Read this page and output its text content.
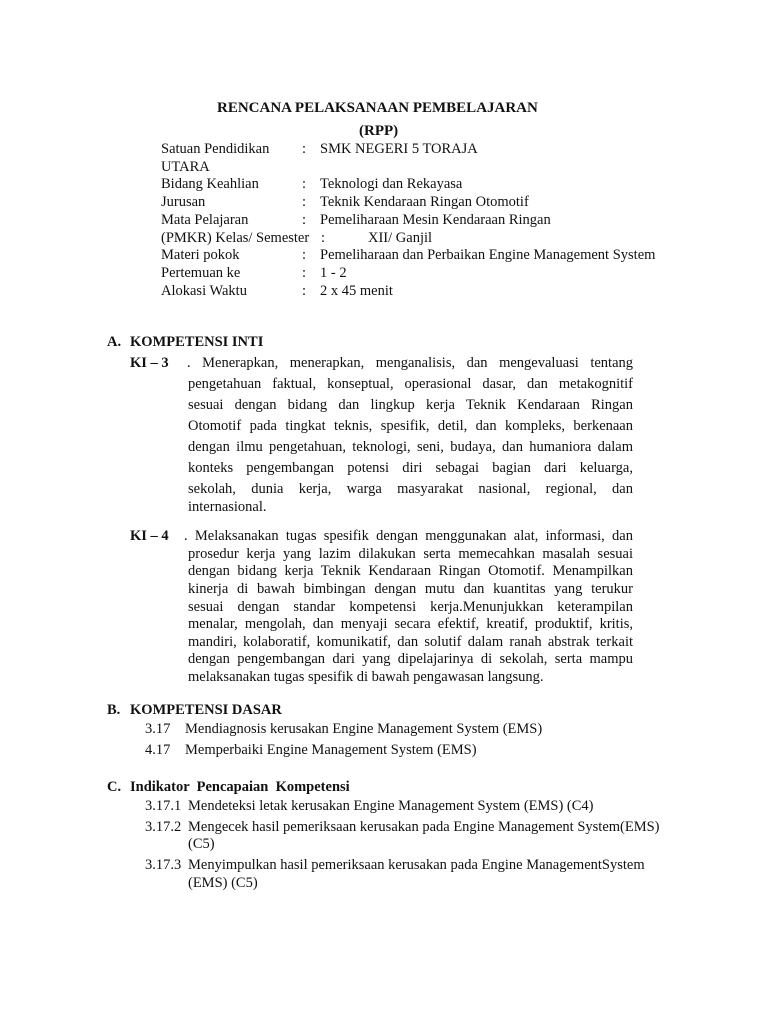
RENCANA PELAKSANAAN PEMBELAJARAN
(RPP)
Satuan Pendidikan : SMK NEGERI 5 TORAJA
UTARA
Bidang Keahlian	: Teknologi dan Rekayasa
Jurusan	: Teknik Kendaraan Ringan Otomotif
Mata Pelajaran	: Pemeliharaan Mesin Kendaraan Ringan
(PMKR) Kelas/ Semester :	XII/ Ganjil
Materi pokok	: Pemeliharaan dan Perbaikan Engine Management System
Pertemuan ke	: 1 - 2
Alokasi Waktu	: 2 x 45 menit
A. KOMPETENSI INTI
KI – 3 . Menerapkan, menerapkan, menganalisis, dan mengevaluasi tentang
pengetahuan faktual, konseptual, operasional dasar, dan metakognitif
sesuai dengan bidang dan lingkup kerja Teknik Kendaraan Ringan
Otomotif pada tingkat teknis, spesifik, detil, dan kompleks, berkenaan
dengan ilmu pengetahuan, teknologi, seni, budaya, dan humaniora dalam
konteks pengembangan potensi diri sebagai bagian dari keluarga,
sekolah, dunia kerja, warga masyarakat nasional, regional, dan
internasional.
KI – 4 . Melaksanakan tugas spesifik dengan menggunakan alat, informasi, dan
prosedur kerja yang lazim dilakukan serta memecahkan masalah sesuai
dengan bidang kerja Teknik Kendaraan Ringan Otomotif. Menampilkan
kinerja di bawah bimbingan dengan mutu dan kuantitas yang terukur
sesuai dengan standar kompetensi kerja.Menunjukkan keterampilan
menalar, mengolah, dan menyaji secara efektif, kreatif, produktif, kritis,
mandiri, kolaboratif, komunikatif, dan solutif dalam ranah abstrak terkait
dengan pengembangan dari yang dipelajarinya di sekolah, serta mampu
melaksanakan tugas spesifik di bawah pengawasan langsung.
B. KOMPETENSI DASAR
3.17 Mendiagnosis kerusakan Engine Management System (EMS)
4.17 Memperbaiki Engine Management System (EMS)
C. Indikator  Pencapaian  Kompetensi
3.17.1 Mendeteksi letak kerusakan Engine Management System (EMS) (C4)
3.17.2 Mengecek hasil pemeriksaan kerusakan pada Engine Management System(EMS)
(C5)
3.17.3 Menyimpulkan hasil pemeriksaan kerusakan pada Engine ManagementSystem
(EMS) (C5)
